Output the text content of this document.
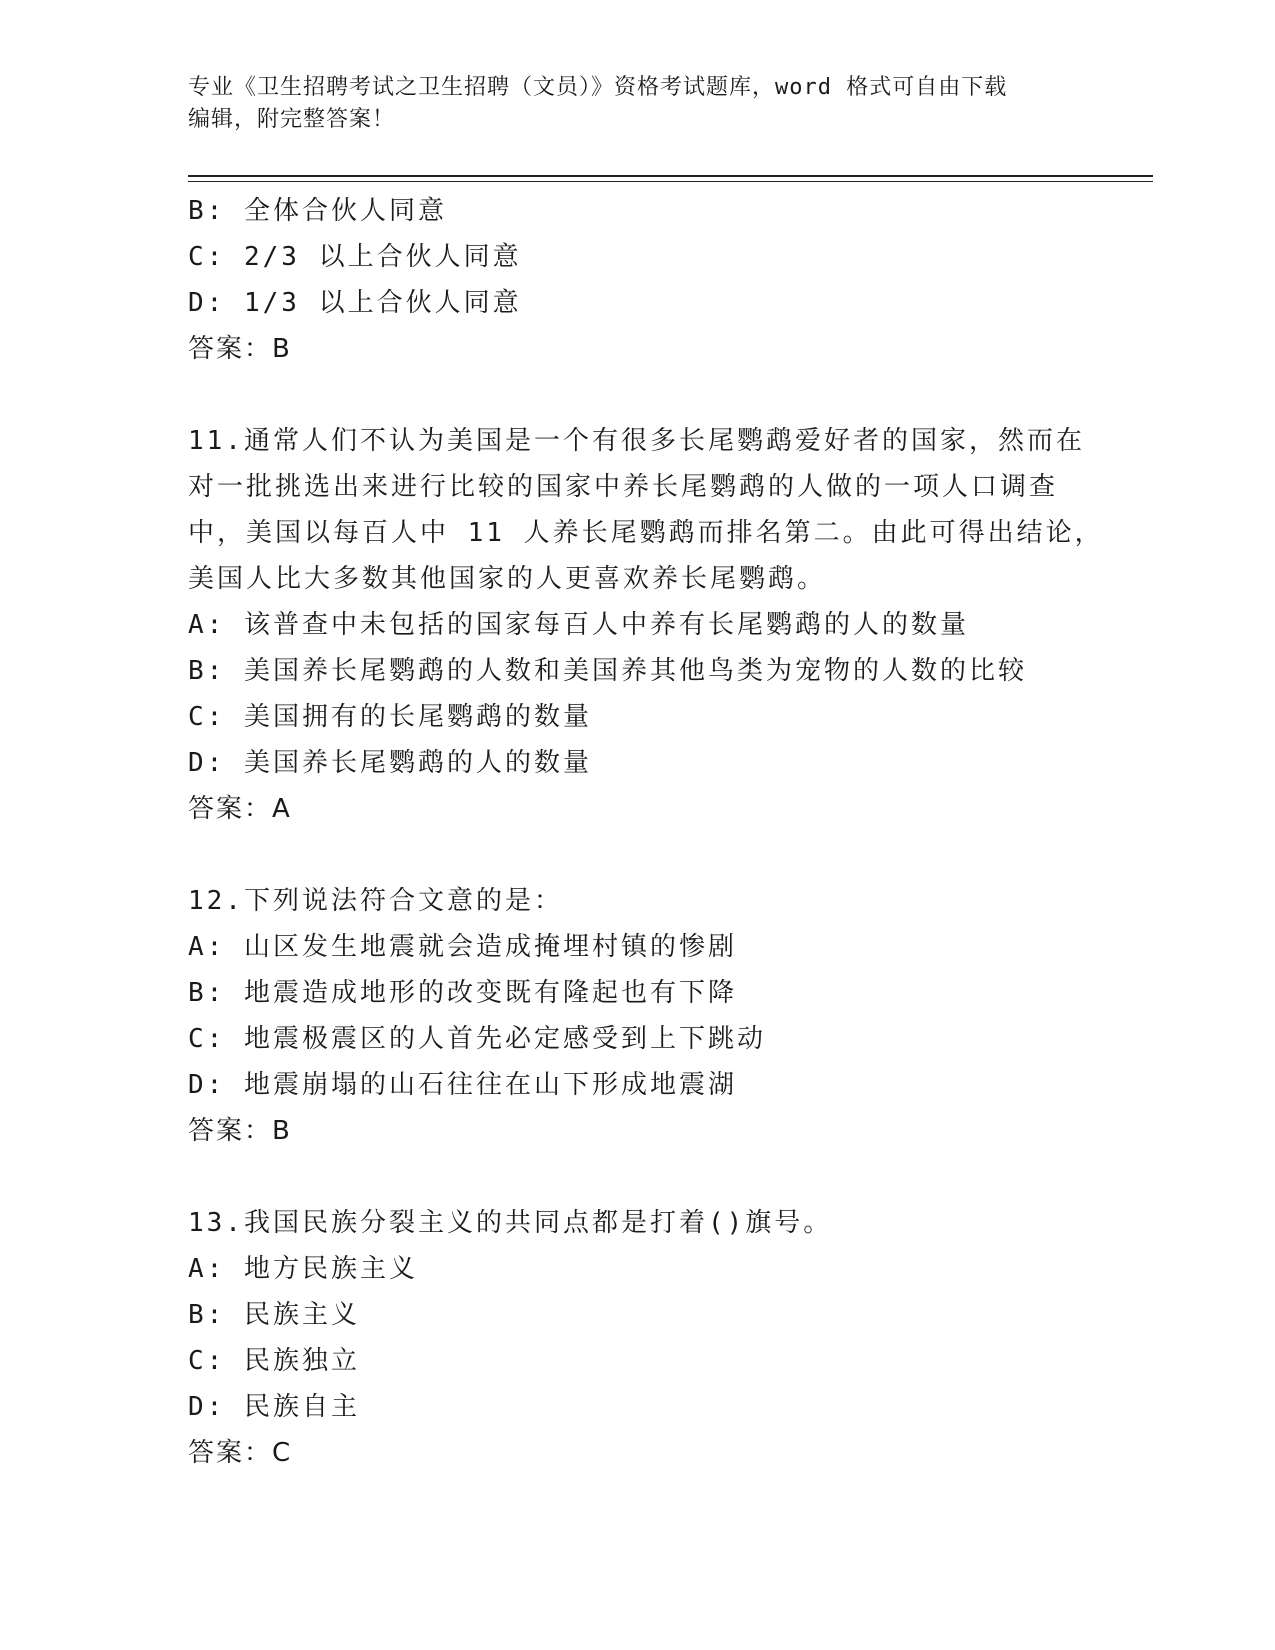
专业《卫生招聘考试之卫生招聘（文员）》资格考试题库，word 格式可自由下载
编辑，附完整答案！
B: 全体合伙人同意
C: 2/3 以上合伙人同意
D: 1/3 以上合伙人同意
答案：B
11.通常人们不认为美国是一个有很多长尾鹦鹉爱好者的国家，然而在
对一批挑选出来进行比较的国家中养长尾鹦鹉的人做的一项人口调查
中，美国以每百人中 11 人养长尾鹦鹉而排名第二。由此可得出结论，
美国人比大多数其他国家的人更喜欢养长尾鹦鹉。
A: 该普查中未包括的国家每百人中养有长尾鹦鹉的人的数量
B: 美国养长尾鹦鹉的人数和美国养其他鸟类为宠物的人数的比较
C: 美国拥有的长尾鹦鹉的数量
D: 美国养长尾鹦鹉的人的数量
答案：A
12.下列说法符合文意的是：
A: 山区发生地震就会造成掩埋村镇的惨剧
B: 地震造成地形的改变既有隆起也有下降
C: 地震极震区的人首先必定感受到上下跳动
D: 地震崩塌的山石往往在山下形成地震湖
答案：B
13.我国民族分裂主义的共同点都是打着()旗号。
A: 地方民族主义
B: 民族主义
C: 民族独立
D: 民族自主
答案：C
